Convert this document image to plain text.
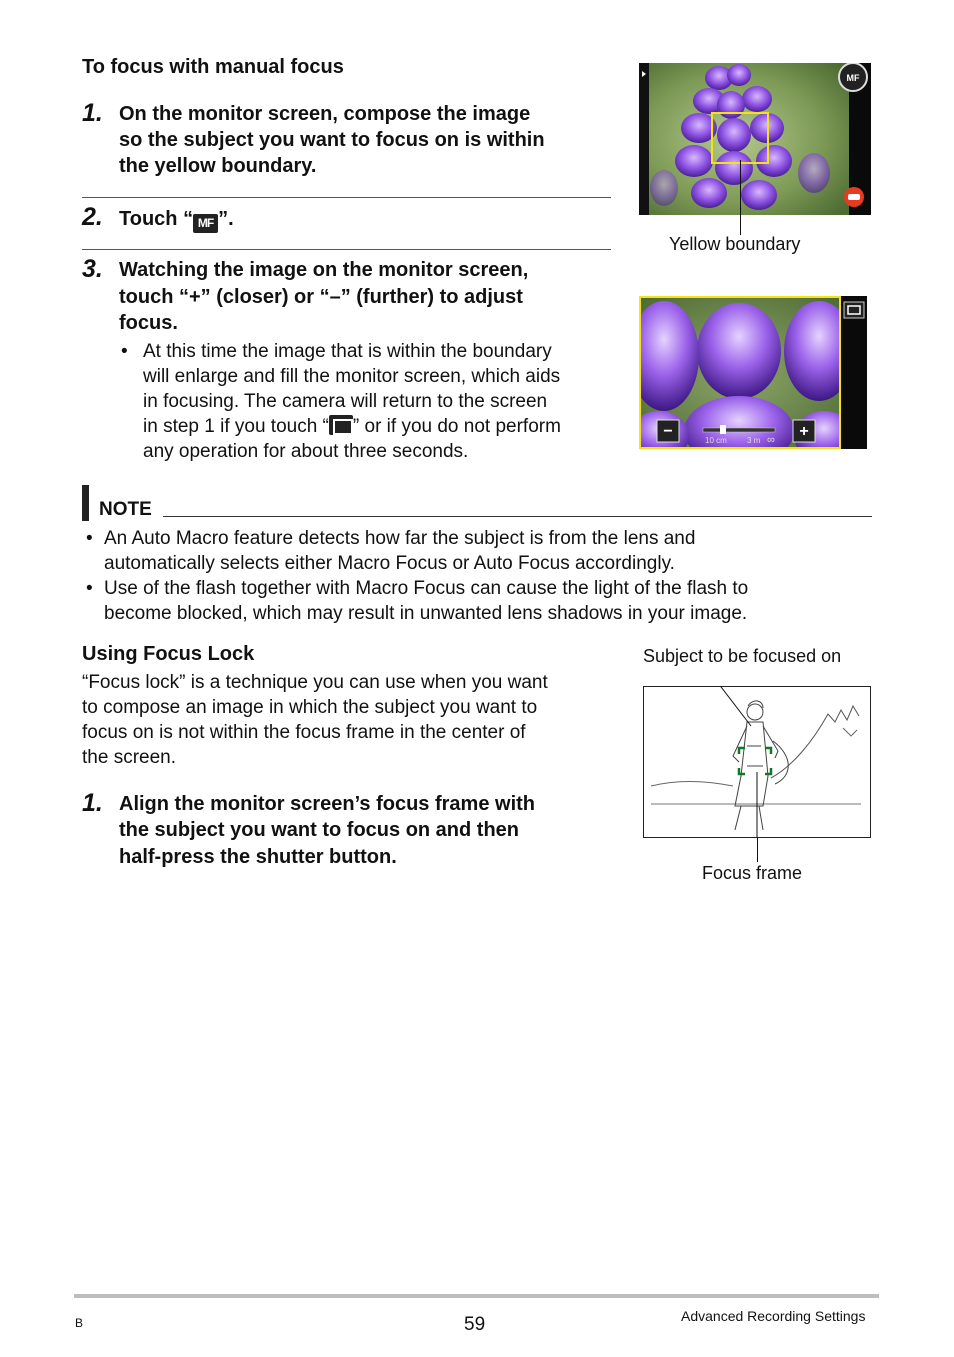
To focus with manual focus
1. On the monitor screen, compose the image
so the subject you want to focus on is within
the yellow boundary.
2. Touch “ MF ”.
3. Watching the image on the monitor screen,
touch “+” (closer) or “–” (further) to adjust
focus.
• At this time the image that is within the boundary
will enlarge and fill the monitor screen, which aids
in focusing. The camera will return to the screen
in step 1 if you touch “ ” or if you do not perform
any operation for about three seconds.
MF
Yellow boundary
−	+
10 cm	3 m ∞
NOTE
• An Auto Macro feature detects how far the subject is from the lens and
automatically selects either Macro Focus or Auto Focus accordingly.
• Use of the flash together with Macro Focus can cause the light of the flash to
become blocked, which may result in unwanted lens shadows in your image.
Using Focus Lock
“Focus lock” is a technique you can use when you want
to compose an image in which the subject you want to
focus on is not within the focus frame in the center of
the screen.
1. Align the monitor screen’s focus frame with
the subject you want to focus on and then
half-press the shutter button.
Subject to be focused on
Focus frame
B	59	Advanced Recording Settings
